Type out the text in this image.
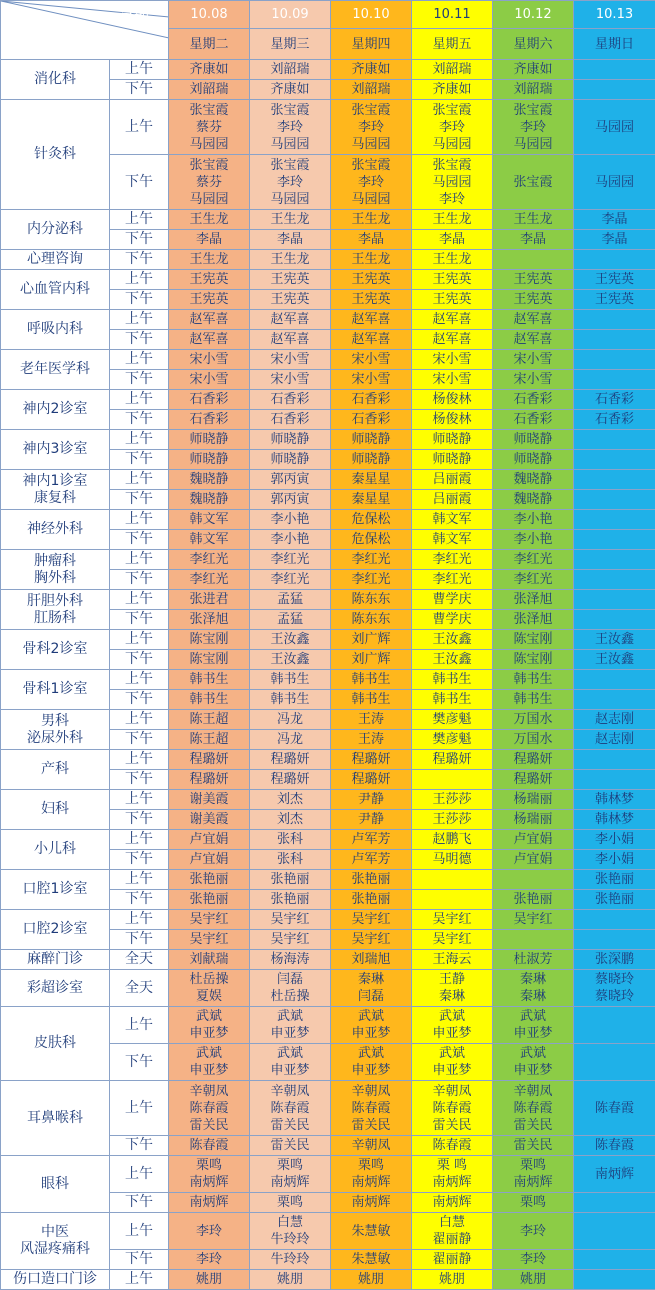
日期
科室 姓名		10.08	10.09	10.10	10.11	10.12	10.13
		星期二	星期三	星期四	星期五	星期六	星期日

消化科	上午	齐康如	刘韶瑞	齐康如	刘韶瑞	齐康如	

	下午	刘韶瑞	齐康如	刘韶瑞	齐康如	刘韶瑞	

针灸科	上午	张宝霞
蔡芬
马园园	张宝霞
李玲
马园园	张宝霞
李玲
马园园	张宝霞
李玲
马园园	张宝霞
李玲
马园园	马园园

	下午	张宝霞
蔡芬
马园园	张宝霞
李玲
马园园	张宝霞
李玲
马园园	张宝霞
马园园
李玲	张宝霞	马园园

内分泌科	上午	王生龙	王生龙	王生龙	王生龙	王生龙	李晶

	下午	李晶	李晶	李晶	李晶	李晶	李晶

心理咨询	下午	王生龙	王生龙	王生龙	王生龙		

心血管内科	上午	王宪英	王宪英	王宪英	王宪英	王宪英	王宪英

	下午	王宪英	王宪英	王宪英	王宪英	王宪英	王宪英

呼吸内科	上午	赵军喜	赵军喜	赵军喜	赵军喜	赵军喜	

	下午	赵军喜	赵军喜	赵军喜	赵军喜	赵军喜	

老年医学科	上午	宋小雪	宋小雪	宋小雪	宋小雪	宋小雪	

	下午	宋小雪	宋小雪	宋小雪	宋小雪	宋小雪	

神内2诊室	上午	石香彩	石香彩	石香彩	杨俊林	石香彩	石香彩

	下午	石香彩	石香彩	石香彩	杨俊林	石香彩	石香彩

神内3诊室	上午	师晓静	师晓静	师晓静	师晓静	师晓静	

	下午	师晓静	师晓静	师晓静	师晓静	师晓静	

神内1诊室
康复科	上午	魏晓静	郭丙寅	秦星星	吕丽霞	魏晓静	

	下午	魏晓静	郭丙寅	秦星星	吕丽霞	魏晓静	

神经外科	上午	韩文军	李小艳	危保松	韩文军	李小艳	

	下午	韩文军	李小艳	危保松	韩文军	李小艳	

肿瘤科
胸外科	上午	李红光	李红光	李红光	李红光	李红光	

	下午	李红光	李红光	李红光	李红光	李红光	

肝胆外科
肛肠科	上午	张进君	孟猛	陈东东	曹学庆	张泽旭	

	下午	张泽旭	孟猛	陈东东	曹学庆	张泽旭	

骨科2诊室	上午	陈宝刚	王汝鑫	刘广辉	王汝鑫	陈宝刚	王汝鑫

	下午	陈宝刚	王汝鑫	刘广辉	王汝鑫	陈宝刚	王汝鑫

骨科1诊室	上午	韩书生	韩书生	韩书生	韩书生	韩书生	

	下午	韩书生	韩书生	韩书生	韩书生	韩书生	

男科
泌尿外科	上午	陈王超	冯龙	王涛	樊彦魁	万国水	赵志刚

	下午	陈王超	冯龙	王涛	樊彦魁	万国水	赵志刚

产科	上午	程璐妍	程璐妍	程璐妍	程璐妍	程璐妍	

	下午	程璐妍	程璐妍	程璐妍		程璐妍	

妇科	上午	谢美霞	刘杰	尹静	王莎莎	杨瑞丽	韩林梦

	下午	谢美霞	刘杰	尹静	王莎莎	杨瑞丽	韩林梦

小儿科	上午	卢宜娟	张科	卢军芳	赵鹏飞	卢宜娟	李小娟

	下午	卢宜娟	张科	卢军芳	马明德	卢宜娟	李小娟

口腔1诊室	上午	张艳丽	张艳丽	张艳丽			张艳丽

	下午	张艳丽	张艳丽	张艳丽		张艳丽	张艳丽

口腔2诊室	上午	吴宇红	吴宇红	吴宇红	吴宇红	吴宇红	

	下午	吴宇红	吴宇红	吴宇红	吴宇红		

麻醉门诊	全天	刘献瑞	杨海涛	刘瑞旭	王海云	杜淑芳	张深鹏

彩超诊室	全天	杜岳操
夏娱	闫磊
杜岳操	秦琳
闫磊	王静
秦琳	秦琳
秦琳	蔡晓玲
蔡晓玲

皮肤科	上午	武斌
申亚梦	武斌
申亚梦	武斌
申亚梦	武斌
申亚梦	武斌
申亚梦	

	下午	武斌
申亚梦	武斌
申亚梦	武斌
申亚梦	武斌
申亚梦	武斌
申亚梦	

耳鼻喉科	上午	辛朝凤
陈春霞
雷关民	辛朝凤
陈春霞
雷关民	辛朝凤
陈春霞
雷关民	辛朝凤
陈春霞
雷关民	辛朝凤
陈春霞
雷关民	陈春霞

	下午	陈春霞	雷关民	辛朝凤	陈春霞	雷关民	陈春霞

眼科	上午	栗鸣
南炳辉	栗鸣
南炳辉	栗鸣
南炳辉	栗 鸣
南炳辉	栗鸣
南炳辉	南炳辉

	下午	南炳辉	栗鸣	南炳辉	南炳辉	栗鸣	

中医
风湿疼痛科	上午	李玲	白慧
牛玲玲	朱慧敏	白慧
翟丽静	李玲	

	下午	李玲	牛玲玲	朱慧敏	翟丽静	李玲	

伤口造口门诊	上午	姚朋	姚朋	姚朋	姚朋	姚朋	
